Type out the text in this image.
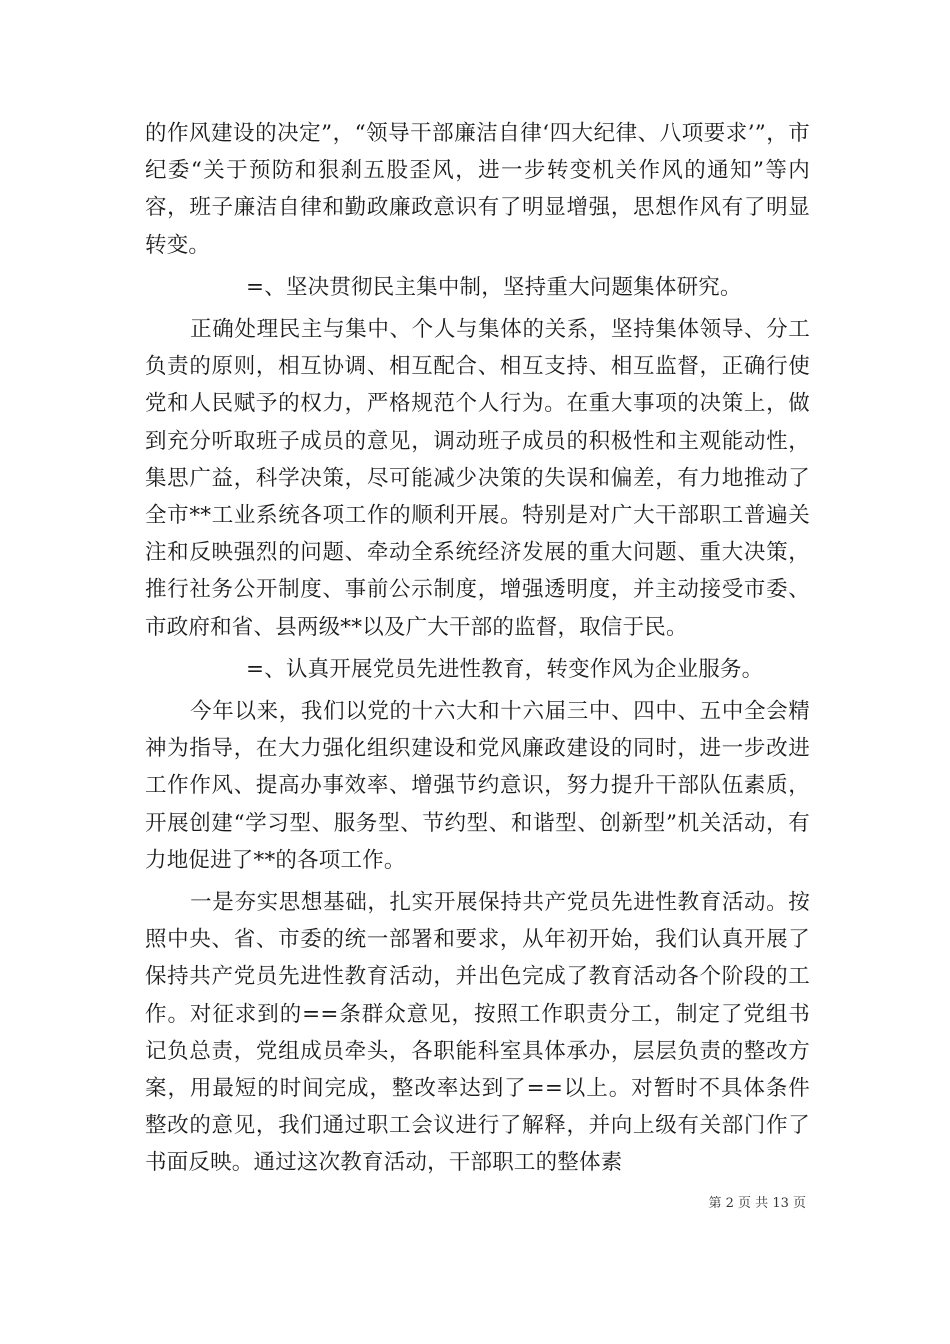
的作风建设的决定”，“领导干部廉洁自律‘四大纪律、八项要求’”，市纪委“关于预防和狠刹五股歪风，进一步转变机关作风的通知”等内容，班子廉洁自律和勤政廉政意识有了明显增强，思想作风有了明显转变。

=、坚决贯彻民主集中制，坚持重大问题集体研究。

正确处理民主与集中、个人与集体的关系，坚持集体领导、分工负责的原则，相互协调、相互配合、相互支持、相互监督，正确行使党和人民赋予的权力，严格规范个人行为。在重大事项的决策上，做到充分听取班子成员的意见，调动班子成员的积极性和主观能动性，集思广益，科学决策，尽可能减少决策的失误和偏差，有力地推动了全市**工业系统各项工作的顺利开展。特别是对广大干部职工普遍关注和反映强烈的问题、牵动全系统经济发展的重大问题、重大决策，推行社务公开制度、事前公示制度，增强透明度，并主动接受市委、市政府和省、县两级**以及广大干部的监督，取信于民。

=、认真开展党员先进性教育，转变作风为企业服务。

今年以来，我们以党的十六大和十六届三中、四中、五中全会精神为指导，在大力强化组织建设和党风廉政建设的同时，进一步改进工作作风、提高办事效率、增强节约意识，努力提升干部队伍素质，开展创建“学习型、服务型、节约型、和谐型、创新型”机关活动，有力地促进了**的各项工作。

一是夯实思想基础，扎实开展保持共产党员先进性教育活动。按照中央、省、市委的统一部署和要求，从年初开始，我们认真开展了保持共产党员先进性教育活动，并出色完成了教育活动各个阶段的工作。对征求到的==条群众意见，按照工作职责分工，制定了党组书记负总责，党组成员牵头，各职能科室具体承办，层层负责的整改方案，用最短的时间完成，整改率达到了==以上。对暂时不具体条件整改的意见，我们通过职工会议进行了解释，并向上级有关部门作了书面反映。通过这次教育活动，干部职工的整体素

第 2 页 共 13 页
